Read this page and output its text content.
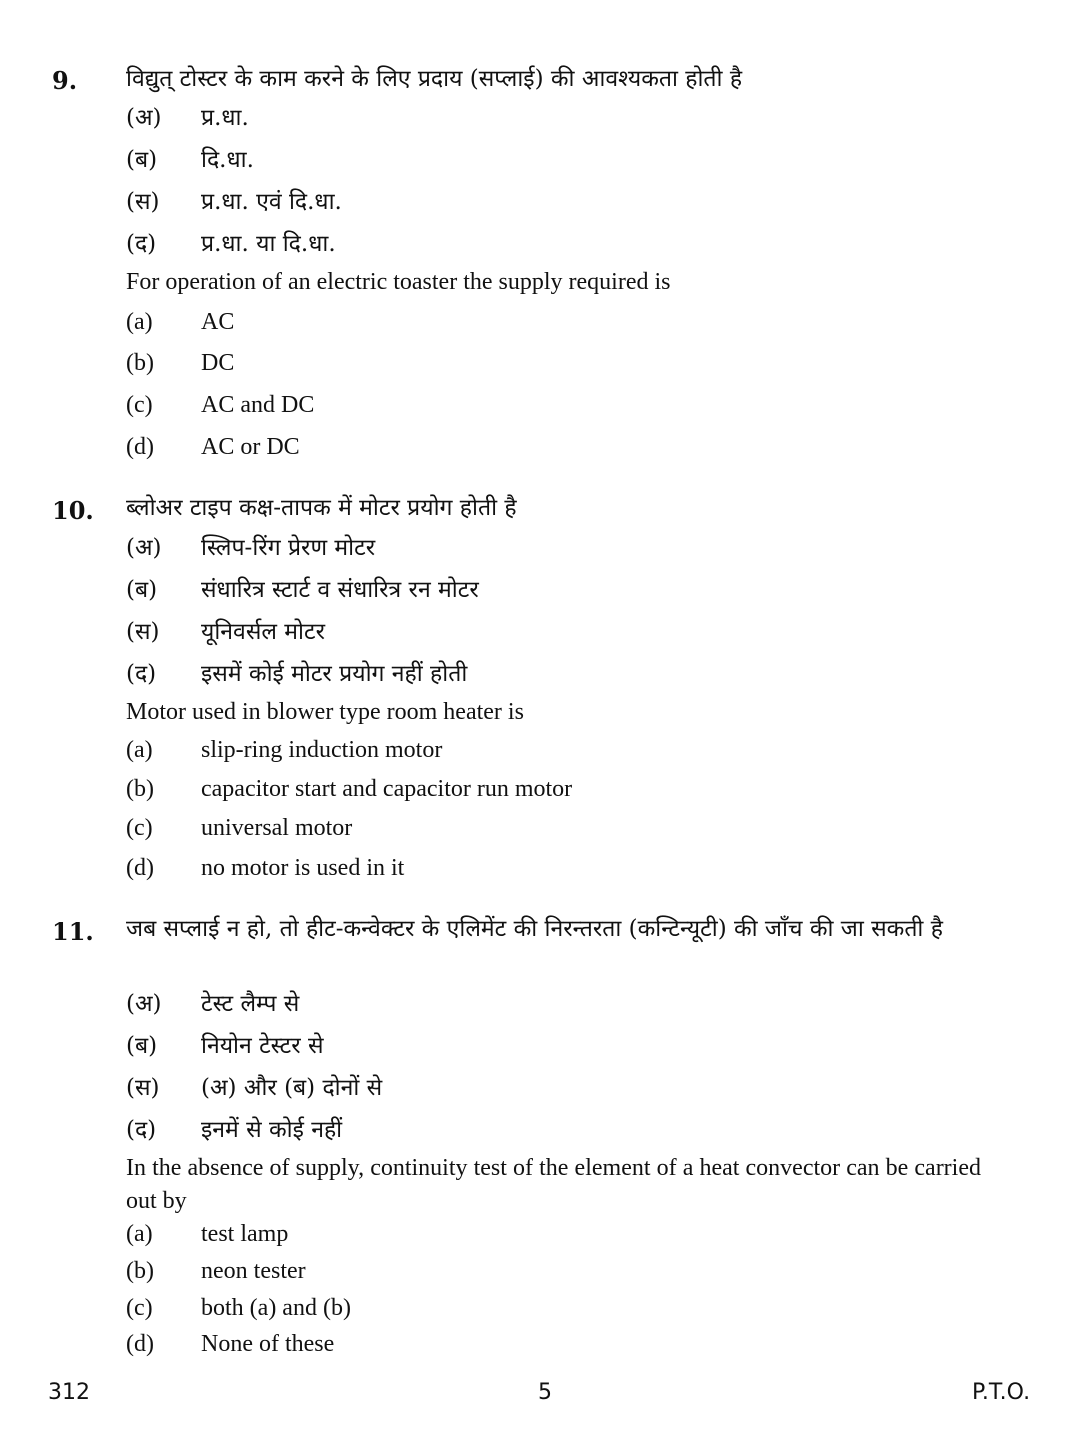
9. विद्युत् टोस्टर के काम करने के लिए प्रदाय (सप्लाई) की आवश्यकता होती है
(अ) प्र.धा.
(ब) दि.धा.
(स) प्र.धा. एवं दि.धा.
(द) प्र.धा. या दि.धा.
For operation of an electric toaster the supply required is
(a) AC
(b) DC
(c) AC and DC
(d) AC or DC
10. ब्लोअर टाइप कक्ष-तापक में मोटर प्रयोग होती है
(अ) स्लिप-रिंग प्रेरण मोटर
(ब) संधारित्र स्टार्ट व संधारित्र रन मोटर
(स) यूनिवर्सल मोटर
(द) इसमें कोई मोटर प्रयोग नहीं होती
Motor used in blower type room heater is
(a) slip-ring induction motor
(b) capacitor start and capacitor run motor
(c) universal motor
(d) no motor is used in it
11. जब सप्लाई न हो, तो हीट-कन्वेक्टर के एलिमेंट की निरन्तरता (कन्टिन्यूटी) की जाँच की जा सकती है
(अ) टेस्ट लैम्प से
(ब) नियोन टेस्टर से
(स) (अ) और (ब) दोनों से
(द) इनमें से कोई नहीं
In the absence of supply, continuity test of the element of a heat convector can be carried out by
(a) test lamp
(b) neon tester
(c) both (a) and (b)
(d) None of these
312	5	P.T.O.
